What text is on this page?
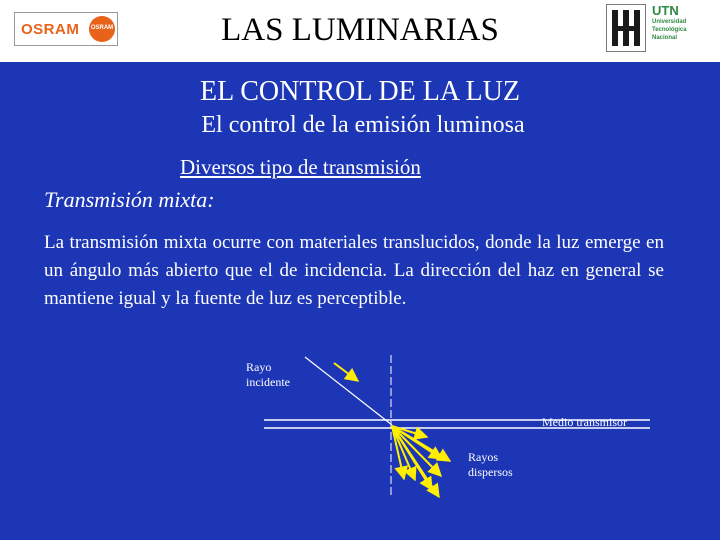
OSRAM	OSRAM	LAS LUMINARIAS
UTN
Universidad
Tecnológica
Nacional
EL CONTROL DE LA LUZ
El control de la emisión luminosa
Diversos tipo de transmisión
Transmisión mixta:
La transmisión mixta ocurre con materiales translucidos, donde la luz emerge en un ángulo más abierto que el de incidencia. La dirección del haz en general se mantiene igual y la fuente de luz es perceptible.
Rayo
incidente
Medio transmisor
Rayos
dispersos
